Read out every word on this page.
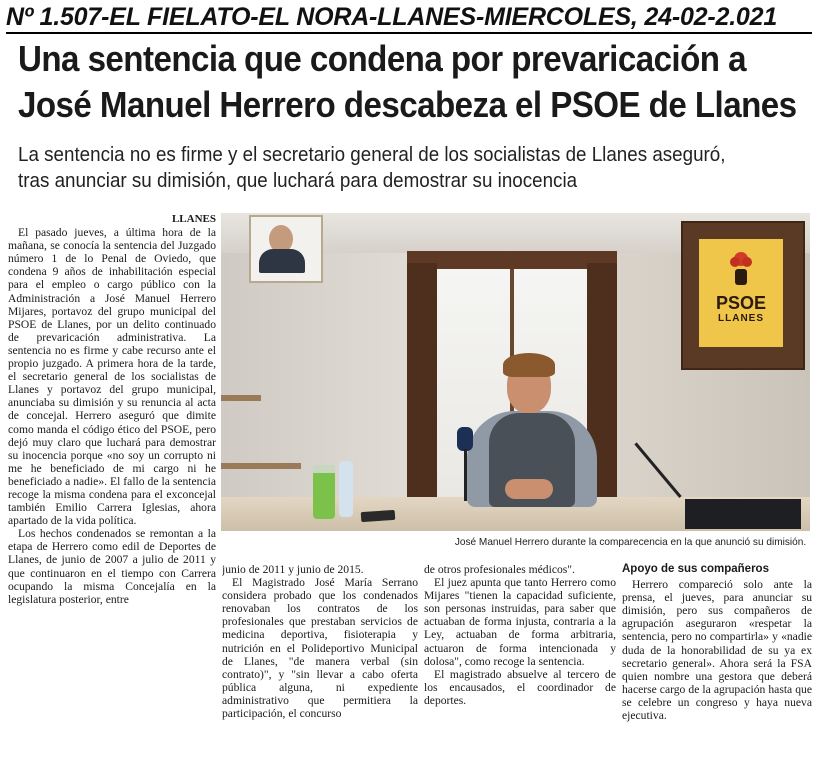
Nº 1.507-EL FIELATO-EL NORA-LLANES-MIERCOLES, 24-02-2.021
Una sentencia que condena por prevaricación a
José Manuel Herrero descabeza el PSOE de Llanes
La sentencia no es firme y el secretario general de los socialistas de Llanes aseguró,
tras anunciar su dimisión, que luchará para demostrar su inocencia

LLANES

El pasado jueves, a última hora de la mañana, se conocía la sentencia del Juzgado número 1 de lo Penal de Oviedo, que condena 9 años de inhabilitación especial para el empleo o cargo público con la Administración a José Manuel Herrero Mijares, portavoz del grupo municipal del PSOE de Llanes, por un delito continuado de prevaricación administrativa. La sentencia no es firme y cabe recurso ante el propio juzgado. A primera hora de la tarde, el secretario general de los socialistas de Llanes y portavoz del grupo municipal, anunciaba su dimisión y su renuncia al acta de concejal. Herrero aseguró que dimite como manda el código ético del PSOE, pero dejó muy claro que luchará para demostrar su inocencia porque «no soy un corrupto ni me he beneficiado de mi cargo ni he beneficiado a nadie». El fallo de la sentencia recoge la misma condena para el exconcejal también Emilio Carrera Iglesias, ahora apartado de la vida política.

Los hechos condenados se remontan a la etapa de Herrero como edil de Deportes de Llanes, de junio de 2007 a julio de 2011 y que continuaron en el tiempo con Carrera ocupando la misma Concejalía en la legislatura posterior, entre

PSOE
LLANES
José Manuel Herrero durante la comparecencia en la que anunció su dimisión.

junio de 2011 y junio de 2015.

El Magistrado José María Serrano considera probado que los condenados renovaban los contratos de los profesionales que prestaban servicios de medicina deportiva, fisioterapia y nutrición en el Polideportivo Municipal de Llanes, "de manera verbal (sin contrato)", y "sin llevar a cabo oferta pública alguna, ni expediente administrativo que permitiera la participación, el concurso

de otros profesionales médicos".

El juez apunta que tanto Herrero como Mijares "tienen la capacidad suficiente, son personas instruidas, para saber que actuaban de forma injusta, contraria a la Ley, actuaban de forma arbitraria, actuaron de forma intencionada y dolosa", como recoge la sentencia.

El magistrado absuelve al tercero de los encausados, el coordinador de deportes.

Apoyo de sus compañeros

Herrero compareció solo ante la prensa, el jueves, para anunciar su dimisión, pero sus compañeros de agrupación aseguraron «respetar la sentencia, pero no compartirla» y «nadie duda de la honorabilidad de su ya ex secretario general». Ahora será la FSA quien nombre una gestora que deberá hacerse cargo de la agrupación hasta que se celebre un congreso y haya nueva ejecutiva.
